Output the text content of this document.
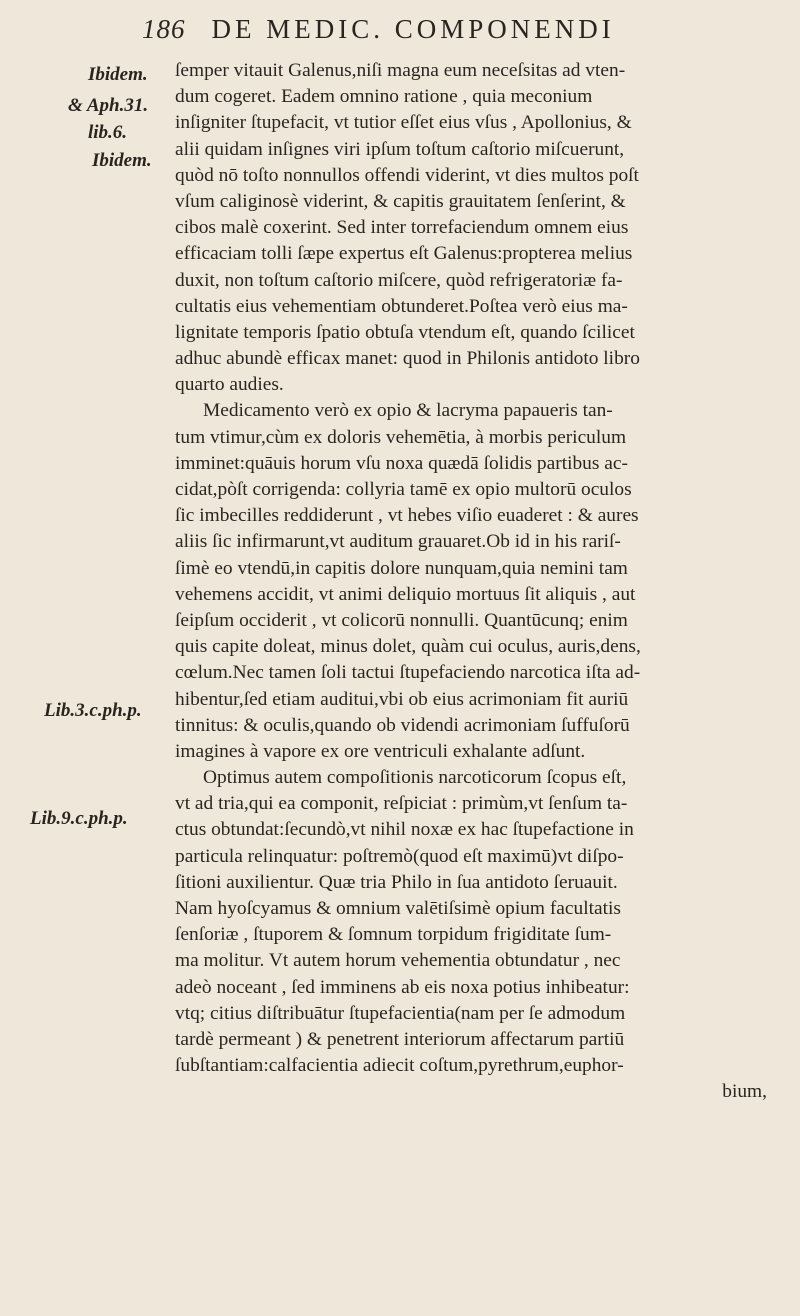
186 DE MEDIC. COMPONENDI
Ibidem.
& Aph.31.
lib.6.
Ibidem.
Lib.3.c.ph.p.
Lib.9.c.ph.p.
ſemper vitauit Galenus,niſi magna eum neceſsitas ad vten-
dum cogeret. Eadem omnino ratione , quia meconium
inſigniter ſtupefacit, vt tutior eſſet eius vſus , Apollonius, &
alii quidam inſignes viri ipſum toſtum caſtorio miſcuerunt,
quòd nō toſto nonnullos offendi viderint, vt dies multos poſt
vſum caliginosè viderint, & capitis grauitatem ſenſerint, &
cibos malè coxerint. Sed inter torrefaciendum omnem eius
efficaciam tolli ſæpe expertus eſt Galenus:propterea melius
duxit, non toſtum caſtorio miſcere, quòd refrigeratoriæ fa-
cultatis eius vehementiam obtunderet.Poſtea verò eius ma-
lignitate temporis ſpatio obtuſa vtendum eſt, quando ſcilicet
adhuc abundè efficax manet: quod in Philonis antidoto libro
quarto audies.
Medicamento verò ex opio & lacryma papaueris tan-
tum vtimur,cùm ex doloris vehemētia, à morbis periculum
imminet:quāuis horum vſu noxa quædā ſolidis partibus ac-
cidat,pòſt corrigenda: collyria tamē ex opio multorū oculos
ſic imbecilles reddiderunt , vt hebes viſio euaderet : & aures
aliis ſic infirmarunt,vt auditum grauaret.Ob id in his rariſ-
ſimè eo vtendū,in capitis dolore nunquam,quia nemini tam
vehemens accidit, vt animi deliquio mortuus ſit aliquis , aut
ſeipſum occiderit , vt colicorū nonnulli. Quantūcunq; enim
quis capite doleat, minus dolet, quàm cui oculus, auris,dens,
cœlum.Nec tamen ſoli tactui ſtupefaciendo narcotica iſta ad-
hibentur,ſed etiam auditui,vbi ob eius acrimoniam fit auriū
tinnitus: & oculis,quando ob videndi acrimoniam ſuffuſorū
imagines à vapore ex ore ventriculi exhalante adſunt.
Optimus autem compoſitionis narcoticorum ſcopus eſt,
vt ad tria,qui ea componit, reſpiciat : primùm,vt ſenſum ta-
ctus obtundat:ſecundò,vt nihil noxæ ex hac ſtupefactione in
particula relinquatur: poſtremò(quod eſt maximū)vt diſpo-
ſitioni auxilientur. Quæ tria Philo in ſua antidoto ſeruauit.
Nam hyoſcyamus & omnium valētiſsimè opium facultatis
ſenſoriæ , ſtuporem & ſomnum torpidum frigiditate ſum-
ma molitur. Vt autem horum vehementia obtundatur , nec
adeò noceant , ſed imminens ab eis noxa potius inhibeatur:
vtq; citius diſtribuātur ſtupefacientia(nam per ſe admodum
tardè permeant ) & penetrent interiorum affectarum partiū
ſubſtantiam:calfacientia adiecit coſtum,pyrethrum,euphor-
bium,
